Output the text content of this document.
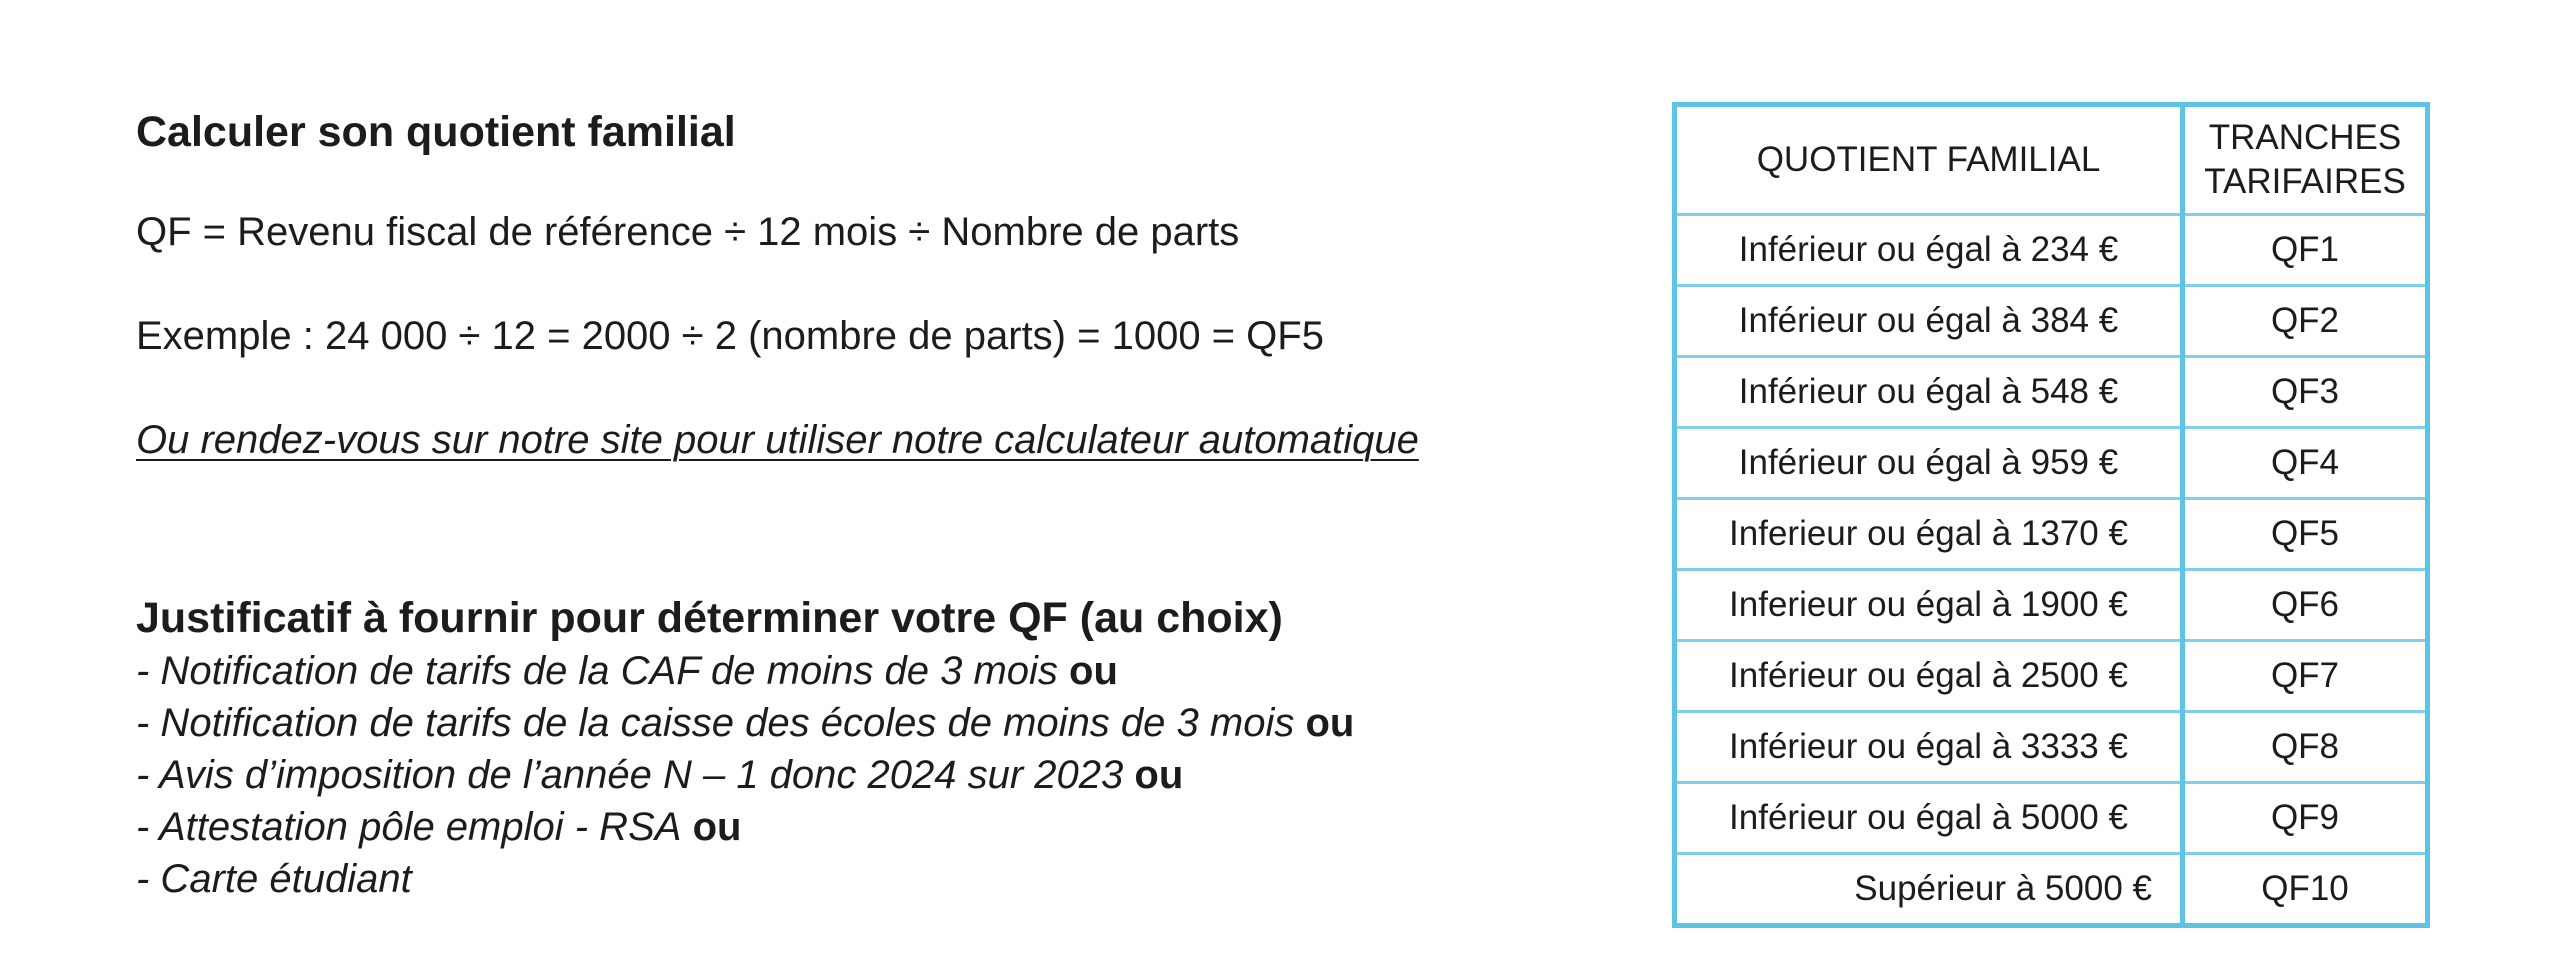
Calculer son quotient familial

QF = Revenu fiscal de référence ÷ 12 mois ÷ Nombre de parts

Exemple : 24 000 ÷ 12 = 2000 ÷ 2 (nombre de parts) = 1000 = QF5

Ou rendez-vous sur notre site pour utiliser notre calculateur automatique

Justificatif à fournir pour déterminer votre QF (au choix)
- Notification de tarifs de la CAF de moins de 3 mois ou
- Notification de tarifs de la caisse des écoles de moins de 3 mois ou
- Avis d’imposition de l’année N – 1 donc 2024 sur 2023 ou
- Attestation pôle emploi - RSA ou
- Carte étudiant
QUOTIENT FAMILIAL	TRANCHES
TARIFAIRES
Inférieur ou égal à 234 €	QF1
Inférieur ou égal à 384 €	QF2
Inférieur ou égal à 548 €	QF3
Inférieur ou égal à 959 €	QF4
Inferieur ou égal à 1370 €	QF5
Inferieur ou égal à 1900 €	QF6
Inférieur ou égal à 2500 €	QF7
Inférieur ou égal à 3333 €	QF8
Inférieur ou égal à 5000 €	QF9
Supérieur à 5000 €	QF10
